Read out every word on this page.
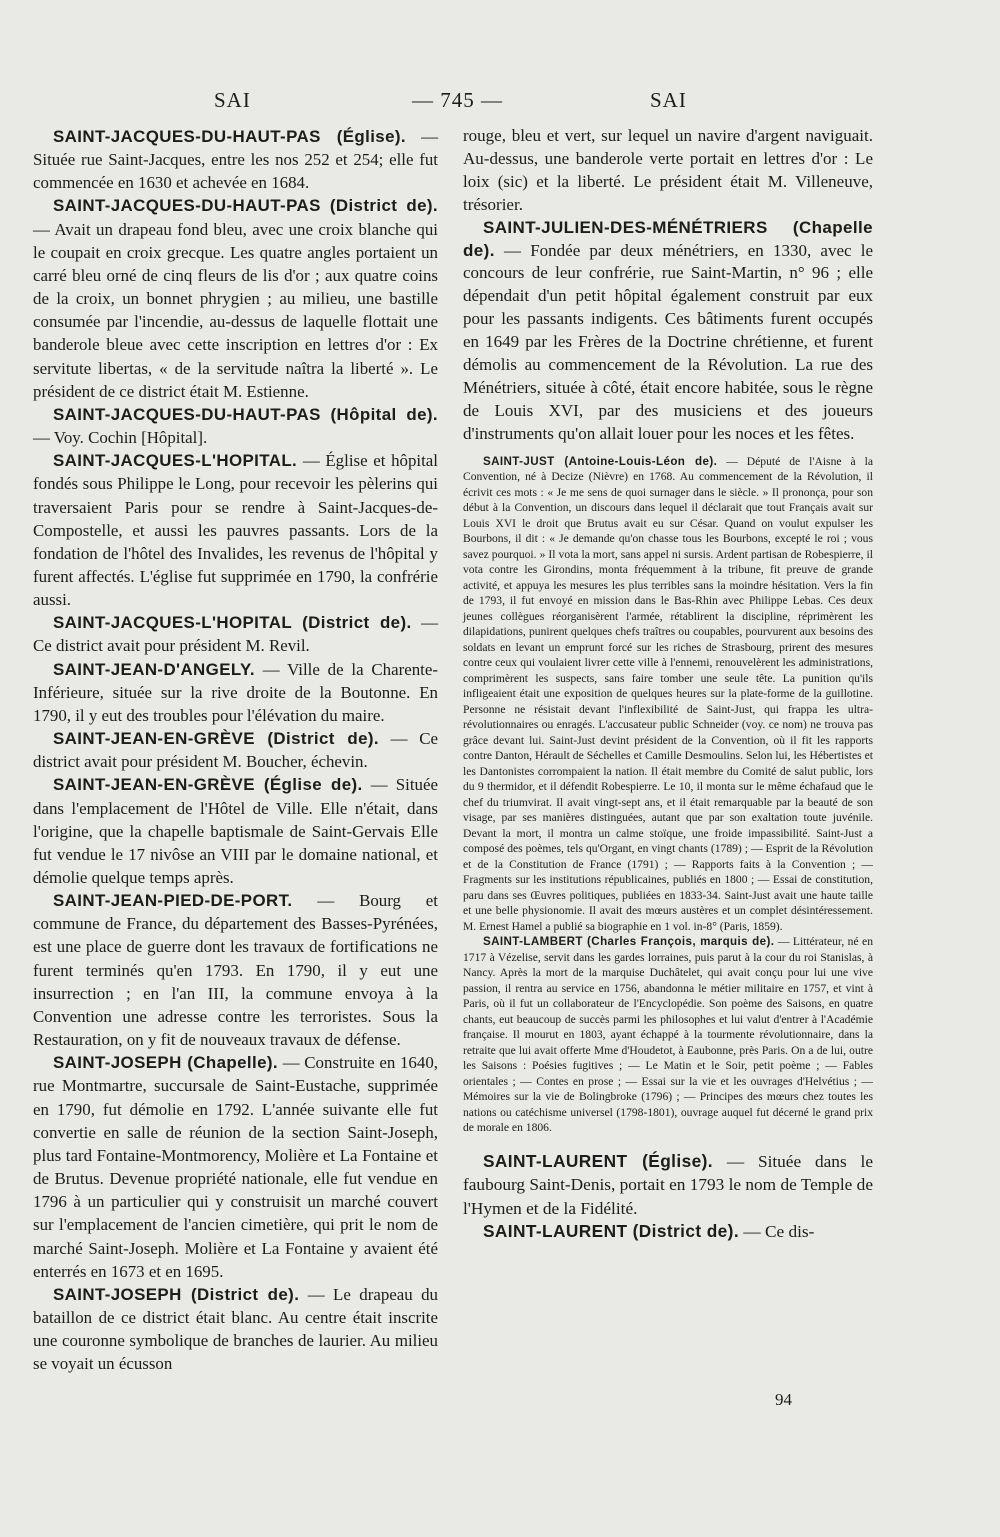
SAI	— 745 —	SAI

SAINT-JACQUES-DU-HAUT-PAS (Église). — Située rue Saint-Jacques, entre les nos 252 et 254; elle fut commencée en 1630 et achevée en 1684.

SAINT-JACQUES-DU-HAUT-PAS (District de).— Avait un drapeau fond bleu, avec une croix blanche qui le coupait en croix grecque. Les quatre angles portaient un carré bleu orné de cinq fleurs de lis d'or ; aux quatre coins de la croix, un bonnet phrygien ; au milieu, une bastille consumée par l'incendie, au-dessus de laquelle flottait une banderole bleue avec cette inscription en lettres d'or : Ex servitute libertas, « de la servitude naîtra la liberté ». Le président de ce district était M. Estienne.

SAINT-JACQUES-DU-HAUT-PAS (Hôpital de). — Voy. Cochin [Hôpital].

SAINT-JACQUES-L'HOPITAL. — Église et hôpital fondés sous Philippe le Long, pour recevoir les pèlerins qui traversaient Paris pour se rendre à Saint-Jacques-de-Compostelle, et aussi les pauvres passants. Lors de la fondation de l'hôtel des Invalides, les revenus de l'hôpital y furent affectés. L'église fut supprimée en 1790, la confrérie aussi.

SAINT-JACQUES-L'HOPITAL (District de). — Ce district avait pour président M. Revil.

SAINT-JEAN-D'ANGELY. — Ville de la Charente-Inférieure, située sur la rive droite de la Boutonne. En 1790, il y eut des troubles pour l'élévation du maire.

SAINT-JEAN-EN-GRÈVE (District de). — Ce district avait pour président M. Boucher, échevin.

SAINT-JEAN-EN-GRÈVE (Église de). — Située dans l'emplacement de l'Hôtel de Ville. Elle n'était, dans l'origine, que la chapelle baptismale de Saint-Gervais Elle fut vendue le 17 nivôse an VIII par le domaine national, et démolie quelque temps après.

SAINT-JEAN-PIED-DE-PORT. — Bourg et commune de France, du département des Basses-Pyrénées, est une place de guerre dont les travaux de fortifications ne furent terminés qu'en 1793. En 1790, il y eut une insurrection ; en l'an III, la commune envoya à la Convention une adresse contre les terroristes. Sous la Restauration, on y fit de nouveaux travaux de défense.

SAINT-JOSEPH (Chapelle). — Construite en 1640, rue Montmartre, succursale de Saint-Eustache, supprimée en 1790, fut démolie en 1792. L'année suivante elle fut convertie en salle de réunion de la section Saint-Joseph, plus tard Fontaine-Montmorency, Molière et La Fontaine et de Brutus. Devenue propriété nationale, elle fut vendue en 1796 à un particulier qui y construisit un marché couvert sur l'emplacement de l'ancien cimetière, qui prit le nom de marché Saint-Joseph. Molière et La Fontaine y avaient été enterrés en 1673 et en 1695.

SAINT-JOSEPH (District de). — Le drapeau du bataillon de ce district était blanc. Au centre était inscrite une couronne symbolique de branches de laurier. Au milieu se voyait un écusson

rouge, bleu et vert, sur lequel un navire d'argent naviguait. Au-dessus, une banderole verte portait en lettres d'or : Le loix (sic) et la liberté. Le président était M. Villeneuve, trésorier.

SAINT-JULIEN-DES-MÉNÉTRIERS (Chapelle de). — Fondée par deux ménétriers, en 1330, avec le concours de leur confrérie, rue Saint-Martin, n° 96 ; elle dépendait d'un petit hôpital également construit par eux pour les passants indigents. Ces bâtiments furent occupés en 1649 par les Frères de la Doctrine chrétienne, et furent démolis au commencement de la Révolution. La rue des Ménétriers, située à côté, était encore habitée, sous le règne de Louis XVI, par des musiciens et des joueurs d'instruments qu'on allait louer pour les noces et les fêtes.

SAINT-JUST (Antoine-Louis-Léon de). — Député de l'Aisne à la Convention, né à Decize (Nièvre) en 1768. Au commencement de la Révolution, il écrivit ces mots : « Je me sens de quoi surnager dans le siècle. » Il prononça, pour son début à la Convention, un discours dans lequel il déclarait que tout Français avait sur Louis XVI le droit que Brutus avait eu sur César. Quand on voulut expulser les Bourbons, il dit : « Je demande qu'on chasse tous les Bourbons, excepté le roi ; vous savez pourquoi. » Il vota la mort, sans appel ni sursis. Ardent partisan de Robespierre, il vota contre les Girondins, monta fréquemment à la tribune, fit preuve de grande activité, et appuya les mesures les plus terribles sans la moindre hésitation. Vers la fin de 1793, il fut envoyé en mission dans le Bas-Rhin avec Philippe Lebas. Ces deux jeunes collègues réorganisèrent l'armée, rétablirent la discipline, réprimèrent les dilapidations, punirent quelques chefs traîtres ou coupables, pourvurent aux besoins des soldats en levant un emprunt forcé sur les riches de Strasbourg, prirent des mesures contre ceux qui voulaient livrer cette ville à l'ennemi, renouvelèrent les administrations, comprimèrent les suspects, sans faire tomber une seule tête. La punition qu'ils infligeaient était une exposition de quelques heures sur la plate-forme de la guillotine. Personne ne résistait devant l'inflexibilité de Saint-Just, qui frappa les ultra-révolutionnaires ou enragés. L'accusateur public Schneider (voy. ce nom) ne trouva pas grâce devant lui. Saint-Just devint président de la Convention, où il fit les rapports contre Danton, Hérault de Séchelles et Camille Desmoulins. Selon lui, les Hébertistes et les Dantonistes corrompaient la nation. Il était membre du Comité de salut public, lors du 9 thermidor, et il défendit Robespierre. Le 10, il monta sur le même échafaud que le chef du triumvirat. Il avait vingt-sept ans, et il était remarquable par la beauté de son visage, par ses manières distinguées, autant que par son exaltation toute juvénile. Devant la mort, il montra un calme stoïque, une froide impassibilité. Saint-Just a composé des poèmes, tels qu'Organt, en vingt chants (1789) ; — Esprit de la Révolution et de la Constitution de France (1791) ; — Rapports faits à la Convention ; — Fragments sur les institutions républicaines, publiés en 1800 ; — Essai de constitution, paru dans ses Œuvres politiques, publiées en 1833-34. Saint-Just avait une haute taille et une belle physionomie. Il avait des mœurs austères et un complet désintéressement. M. Ernest Hamel a publié sa biographie en 1 vol. in-8° (Paris, 1859).

SAINT-LAMBERT (Charles François, marquis de). — Littérateur, né en 1717 à Vézelise, servit dans les gardes lorraines, puis parut à la cour du roi Stanislas, à Nancy. Après la mort de la marquise Duchâtelet, qui avait conçu pour lui une vive passion, il rentra au service en 1756, abandonna le métier militaire en 1757, et vint à Paris, où il fut un collaborateur de l'Encyclopédie. Son poème des Saisons, en quatre chants, eut beaucoup de succès parmi les philosophes et lui valut d'entrer à l'Académie française. Il mourut en 1803, ayant échappé à la tourmente révolutionnaire, dans la retraite que lui avait offerte Mme d'Houdetot, à Eaubonne, près Paris. On a de lui, outre les Saisons : Poésies fugitives ; — Le Matin et le Soir, petit poème ; — Fables orientales ; — Contes en prose ; — Essai sur la vie et les ouvrages d'Helvétius ; — Mémoires sur la vie de Bolingbroke (1796) ; — Principes des mœurs chez toutes les nations ou catéchisme universel (1798-1801), ouvrage auquel fut décerné le grand prix de morale en 1806.

SAINT-LAURENT (Église). — Située dans le faubourg Saint-Denis, portait en 1793 le nom de Temple de l'Hymen et de la Fidélité.

SAINT-LAURENT (District de). — Ce dis-

94
